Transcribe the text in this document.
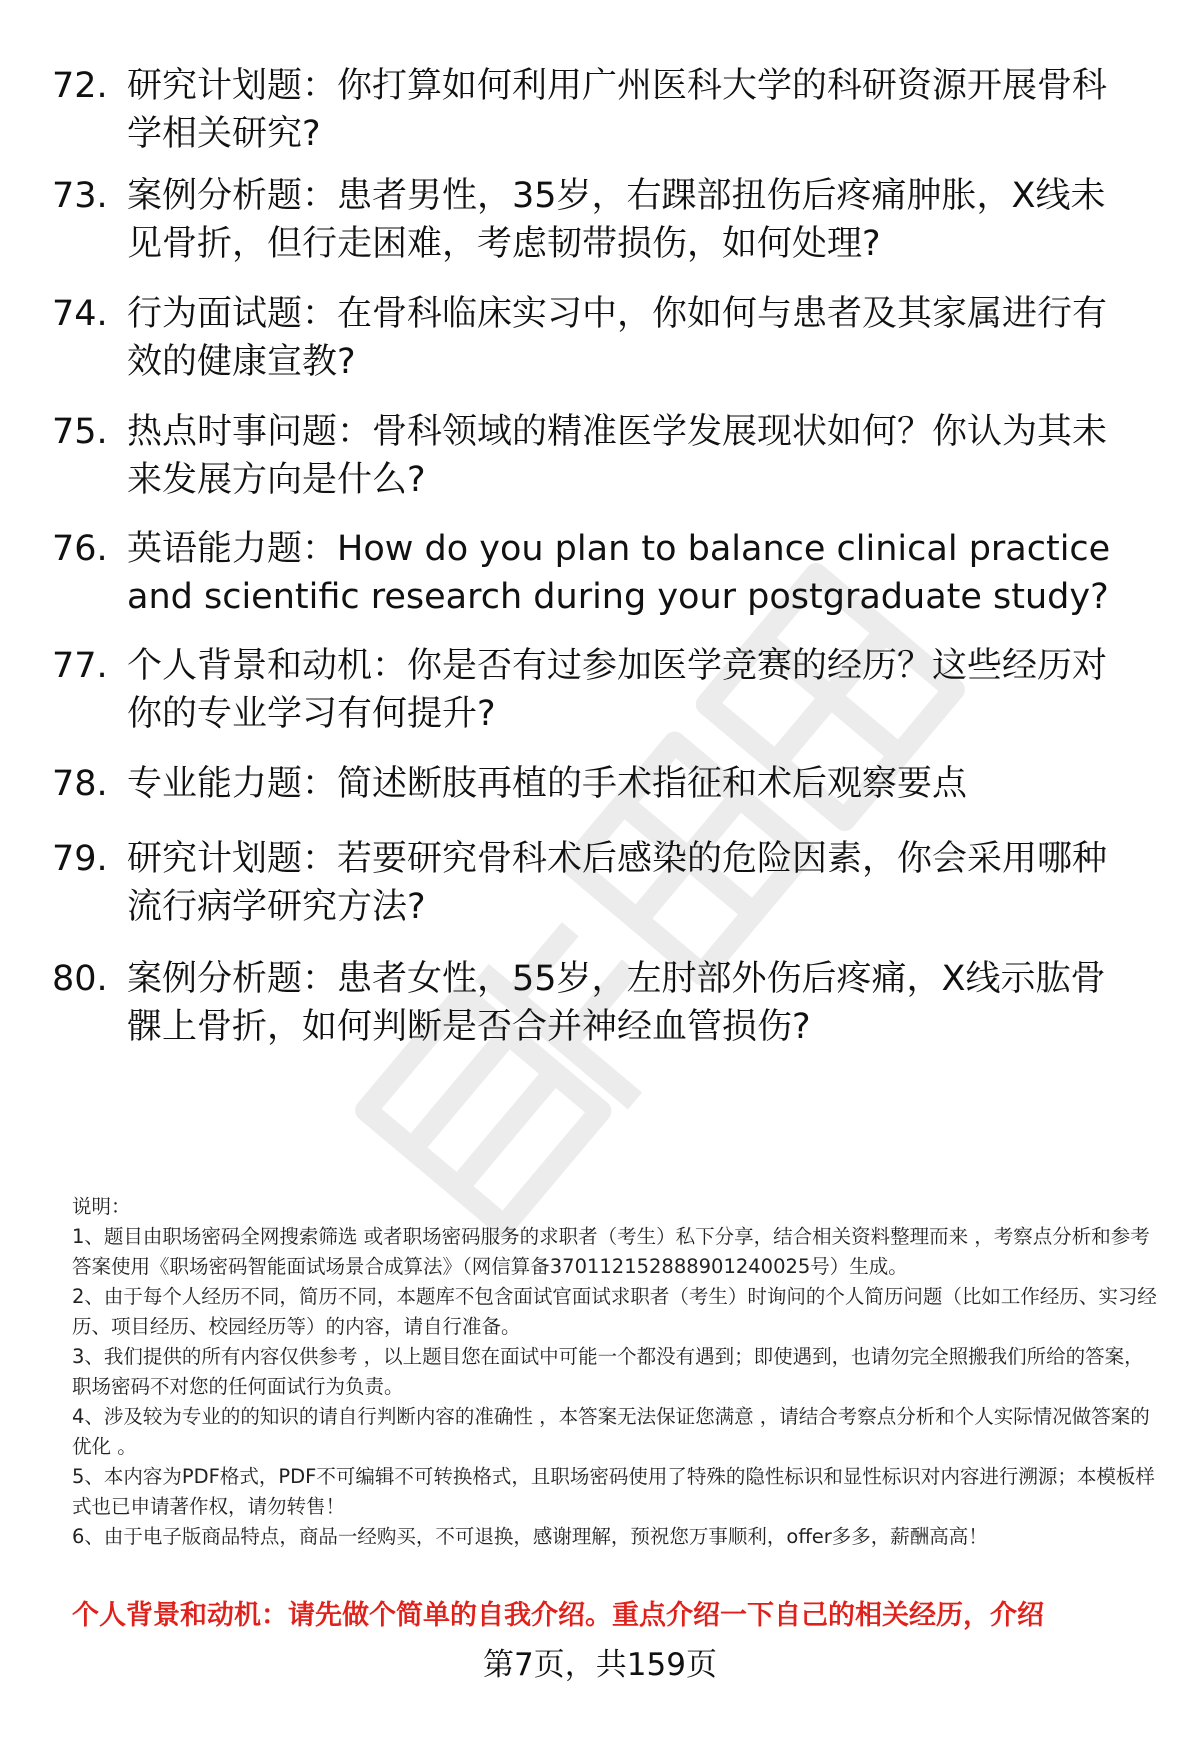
72. 研究计划题：你打算如何利用广州医科大学的科研资源开展骨科学相关研究?
73. 案例分析题：患者男性，35岁，右踝部扭伤后疼痛肿胀，X线未见骨折，但行走困难，考虑韧带损伤，如何处理?
74. 行为面试题：在骨科临床实习中，你如何与患者及其家属进行有效的健康宣教?
75. 热点时事问题：骨科领域的精准医学发展现状如何？你认为其未来发展方向是什么?
76. 英语能力题：How do you plan to balance clinical practice and scientific research during your postgraduate study?
77. 个人背景和动机：你是否有过参加医学竞赛的经历？这些经历对你的专业学习有何提升?
78. 专业能力题：简述断肢再植的手术指征和术后观察要点
79. 研究计划题：若要研究骨科术后感染的危险因素，你会采用哪种流行病学研究方法?
80. 案例分析题：患者女性，55岁，左肘部外伤后疼痛，X线示肱骨髁上骨折，如何判断是否合并神经血管损伤?
说明：
1、题目由职场密码全网搜索筛选 或者职场密码服务的求职者（考生）私下分享，结合相关资料整理而来 ，考察点分析和参考答案使用《职场密码智能面试场景合成算法》（网信算备370112152888901240025号）生成。
2、由于每个人经历不同，简历不同，本题库不包含面试官面试求职者（考生）时询问的个人简历问题（比如工作经历、实习经历、项目经历、校园经历等）的内容，请自行准备。
3、我们提供的所有内容仅供参考 ，以上题目您在面试中可能一个都没有遇到；即使遇到，也请勿完全照搬我们所给的答案，职场密码不对您的任何面试行为负责。
4、涉及较为专业的的知识的请自行判断内容的准确性 ，本答案无法保证您满意 ，请结合考察点分析和个人实际情况做答案的优化 。
5、本内容为PDF格式，PDF不可编辑不可转换格式，且职场密码使用了特殊的隐性标识和显性标识对内容进行溯源；本模板样式也已申请著作权，请勿转售！
6、由于电子版商品特点，商品一经购买，不可退换，感谢理解，预祝您万事顺利，offer多多，薪酬高高！
个人背景和动机：请先做个简单的自我介绍。重点介绍一下自己的相关经历，介绍
第7页，共159页
